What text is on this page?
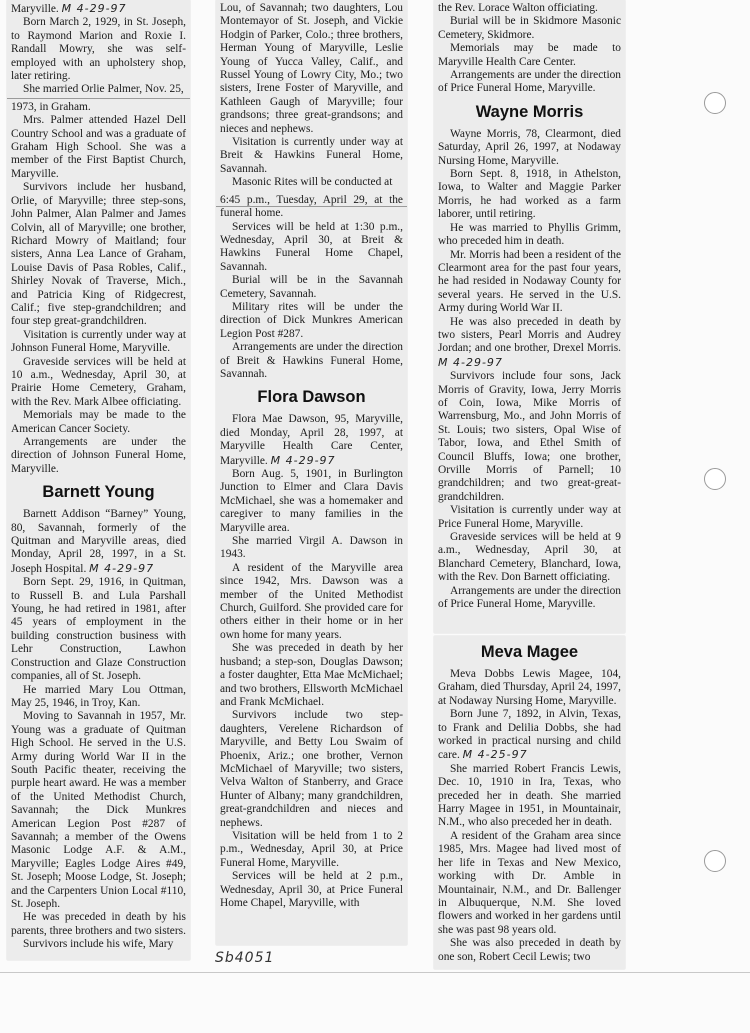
Maryville. M 4-29-97

Born March 2, 1929, in St. Joseph, to Raymond Marion and Roxie I. Randall Mowry, she was self-employed with an upholstery shop, later retiring.

She married Orlie Palmer, Nov. 25,

1973, in Graham.

Mrs. Palmer attended Hazel Dell Country School and was a graduate of Graham High School. She was a member of the First Baptist Church, Maryville.

Survivors include her husband, Orlie, of Maryville; three step-sons, John Palmer, Alan Palmer and James Colvin, all of Maryville; one brother, Richard Mowry of Maitland; four sisters, Anna Lea Lance of Graham, Louise Davis of Pasa Robles, Calif., Shirley Novak of Traverse, Mich., and Patricia King of Ridgecrest, Calif.; five step-grandchildren; and four step great-grandchildren.

Visitation is currently under way at Johnson Funeral Home, Maryville.

Graveside services will be held at 10 a.m., Wednesday, April 30, at Prairie Home Cemetery, Graham, with the Rev. Mark Albee officiating.

Memorials may be made to the American Cancer Society.

Arrangements are under the direction of Johnson Funeral Home, Maryville.

Barnett Young

Barnett Addison “Barney” Young, 80, Savannah, formerly of the Quitman and Maryville areas, died Monday, April 28, 1997, in a St. Joseph Hospital. M 4-29-97

Born Sept. 29, 1916, in Quitman, to Russell B. and Lula Parshall Young, he had retired in 1981, after 45 years of employment in the building construction business with Lehr Construction, Lawhon Construction and Glaze Construction companies, all of St. Joseph.

He married Mary Lou Ottman, May 25, 1946, in Troy, Kan.

Moving to Savannah in 1957, Mr. Young was a graduate of Quitman High School. He served in the U.S. Army during World War II in the South Pacific theater, receiving the purple heart award. He was a member of the United Methodist Church, Savannah; the Dick Munkres American Legion Post #287 of Savannah; a member of the Owens Masonic Lodge A.F. & A.M., Maryville; Eagles Lodge Aires #49, St. Joseph; Moose Lodge, St. Joseph; and the Carpenters Union Local #110, St. Joseph.

He was preceded in death by his parents, three brothers and two sisters.

Survivors include his wife, Mary

Lou, of Savannah; two daughters, Lou Montemayor of St. Joseph, and Vickie Hodgin of Parker, Colo.; three brothers, Herman Young of Maryville, Leslie Young of Yucca Valley, Calif., and Russel Young of Lowry City, Mo.; two sisters, Irene Foster of Maryville, and Kathleen Gaugh of Maryville; four grandsons; three great-grandsons; and nieces and nephews.

Visitation is currently under way at Breit & Hawkins Funeral Home, Savannah.

Masonic Rites will be conducted at

6:45 p.m., Tuesday, April 29, at the funeral home.

Services will be held at 1:30 p.m., Wednesday, April 30, at Breit & Hawkins Funeral Home Chapel, Savannah.

Burial will be in the Savannah Cemetery, Savannah.

Military rites will be under the direction of Dick Munkres American Legion Post #287.

Arrangements are under the direction of Breit & Hawkins Funeral Home, Savannah.

Flora Dawson

Flora Mae Dawson, 95, Maryville, died Monday, April 28, 1997, at Maryville Health Care Center, Maryville. M 4-29-97

Born Aug. 5, 1901, in Burlington Junction to Elmer and Clara Davis McMichael, she was a homemaker and caregiver to many families in the Maryville area.

She married Virgil A. Dawson in 1943.

A resident of the Maryville area since 1942, Mrs. Dawson was a member of the United Methodist Church, Guilford. She provided care for others either in their home or in her own home for many years.

She was preceded in death by her husband; a step-son, Douglas Dawson; a foster daughter, Etta Mae McMichael; and two brothers, Ellsworth McMichael and Frank McMichael.

Survivors include two step-daughters, Verelene Richardson of Maryville, and Betty Lou Swaim of Phoenix, Ariz.; one brother, Vernon McMichael of Maryville; two sisters, Velva Walton of Stanberry, and Grace Hunter of Albany; many grandchildren, great-grandchildren and nieces and nephews.

Visitation will be held from 1 to 2 p.m., Wednesday, April 30, at Price Funeral Home, Maryville.

Services will be held at 2 p.m., Wednesday, April 30, at Price Funeral Home Chapel, Maryville, with

the Rev. Lorace Walton officiating.

Burial will be in Skidmore Masonic Cemetery, Skidmore.

Memorials may be made to Maryville Health Care Center.

Arrangements are under the direction of Price Funeral Home, Maryville.

Wayne Morris

Wayne Morris, 78, Clearmont, died Saturday, April 26, 1997, at Nodaway Nursing Home, Maryville.

Born Sept. 8, 1918, in Athelston, Iowa, to Walter and Maggie Parker Morris, he had worked as a farm laborer, until retiring.

He was married to Phyllis Grimm, who preceded him in death.

Mr. Morris had been a resident of the Clearmont area for the past four years, he had resided in Nodaway County for several years. He served in the U.S. Army during World War II.

He was also preceded in death by two sisters, Pearl Morris and Audrey Jordan; and one brother, Drexel Morris. M 4-29-97

Survivors include four sons, Jack Morris of Gravity, Iowa, Jerry Morris of Coin, Iowa, Mike Morris of Warrensburg, Mo., and John Morris of St. Louis; two sisters, Opal Wise of Tabor, Iowa, and Ethel Smith of Council Bluffs, Iowa; one brother, Orville Morris of Parnell; 10 grandchildren; and two great-great-grandchildren.

Visitation is currently under way at Price Funeral Home, Maryville.

Graveside services will be held at 9 a.m., Wednesday, April 30, at Blanchard Cemetery, Blanchard, Iowa, with the Rev. Don Barnett officiating.

Arrangements are under the direction of Price Funeral Home, Maryville.

Meva Magee

Meva Dobbs Lewis Magee, 104, Graham, died Thursday, April 24, 1997, at Nodaway Nursing Home, Maryville.

Born June 7, 1892, in Alvin, Texas, to Frank and Delilia Dobbs, she had worked in practical nursing and child care. M 4-25-97

She married Robert Francis Lewis, Dec. 10, 1910 in Ira, Texas, who preceded her in death. She married Harry Magee in 1951, in Mountainair, N.M., who also preceded her in death.

A resident of the Graham area since 1985, Mrs. Magee had lived most of her life in Texas and New Mexico, working with Dr. Amble in Mountainair, N.M., and Dr. Ballenger in Albuquerque, N.M. She loved flowers and worked in her gardens until she was past 98 years old.

She was also preceded in death by one son, Robert Cecil Lewis; two

Sb4051
